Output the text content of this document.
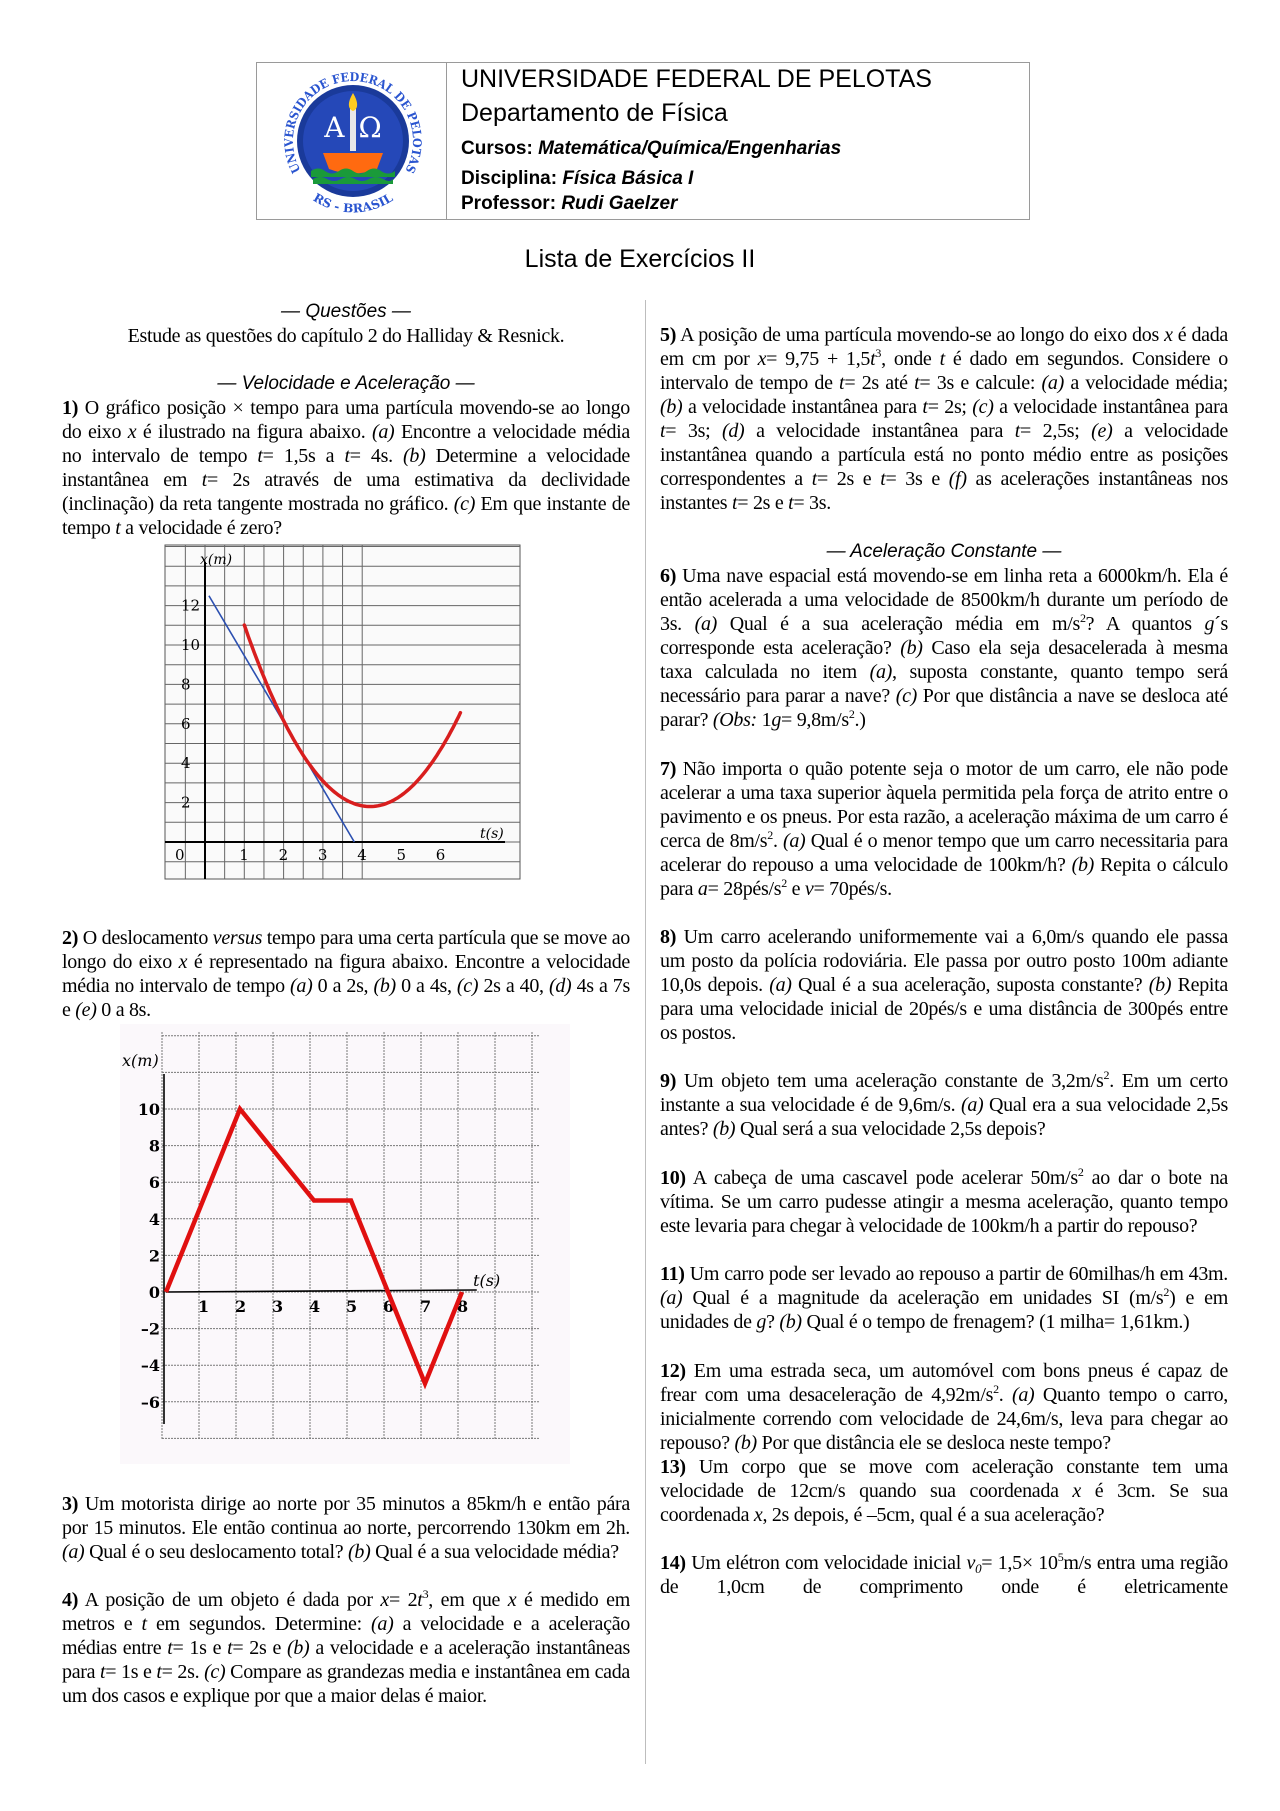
UNIVERSIDADE FEDERAL DE PELOTAS
RS - BRASIL
AΩ
UNIVERSIDADE FEDERAL DE PELOTAS
Departamento de Física
Cursos: Matemática/Química/Engenharias
Disciplina: Física Básica I
Professor: Rudi Gaelzer
Lista de Exercícios II
— Questões —
Estude as questões do capítulo 2 do Halliday & Resnick.
— Velocidade e Aceleração —
1) O gráfico posição × tempo para uma partícula movendo-se ao longo do eixo x é ilustrado na figura abaixo. (a) Encontre a velocidade média no intervalo de tempo t= 1,5s a t= 4s. (b) Determine a velocidade instantânea em t= 2s através de uma estimativa da declividade (inclinação) da reta tangente mostrada no gráfico. (c) Em que instante de tempo t a velocidade é zero?
1 2 3 4 5 6
2
4
6
8
10
12
0
x(m)
t(s)
2) O deslocamento versus tempo para uma certa partícula que se move ao longo do eixo x é representado na figura abaixo. Encontre a velocidade média no intervalo de tempo (a) 0 a 2s, (b) 0 a 4s, (c) 2s a 40, (d) 4s a 7s e (e) 0 a 8s.
1 2 3 4 5 6 7 8
10
8
6
4
2
0
–2
–4
–6
x(m)
t(s)
3) Um motorista dirige ao norte por 35 minutos a 85km/h e então pára por 15 minutos. Ele então continua ao norte, percorrendo 130km em 2h. (a) Qual é o seu deslocamento total? (b) Qual é a sua velocidade média?
4) A posição de um objeto é dada por $x= 2t^3$, em que x é medido em metros e t em segundos. Determine: (a) a velocidade e a aceleração médias entre t= 1s e t= 2s e (b) a velocidade e a aceleração instantâneas para t= 1s e t= 2s. (c) Compare as grandezas media e instantânea em cada um dos casos e explique por que a maior delas é maior.
5) A posição de uma partícula movendo-se ao longo do eixo dos x é dada em cm por $x= 9,75 + 1,5t^3$, onde t é dado em segundos. Considere o intervalo de tempo de t= 2s até t= 3s e calcule: (a) a velocidade média; (b) a velocidade instantânea para t= 2s; (c) a velocidade instantânea para t= 3s; (d) a velocidade instantânea para t= 2,5s; (e) a velocidade instantânea quando a partícula está no ponto médio entre as posições correspondentes a t= 2s e t= 3s e (f) as acelerações instantâneas nos instantes t= 2s e t= 3s.
— Aceleração Constante —
6) Uma nave espacial está movendo-se em linha reta a 6000km/h. Ela é então acelerada a uma velocidade de 8500km/h durante um período de 3s. (a) Qual é a sua aceleração média em $m/s^2$? A quantos g´s corresponde esta aceleração? (b) Caso ela seja desacelerada à mesma taxa calculada no item (a), suposta constante, quanto tempo será necessário para parar a nave? (c) Por que distância a nave se desloca até parar? (Obs: $1g= 9,8m/s^2$.)
7) Não importa o quão potente seja o motor de um carro, ele não pode acelerar a uma taxa superior àquela permitida pela força de atrito entre o pavimento e os pneus. Por esta razão, a aceleração máxima de um carro é cerca de $8m/s^2$. (a) Qual é o menor tempo que um carro necessitaria para acelerar do repouso a uma velocidade de 100km/h? (b) Repita o cálculo para $a= 28pés/s^2$ e v= 70pés/s.
8) Um carro acelerando uniformemente vai a 6,0m/s quando ele passa um posto da polícia rodoviária. Ele passa por outro posto 100m adiante 10,0s depois. (a) Qual é a sua aceleração, suposta constante? (b) Repita para uma velocidade inicial de 20pés/s e uma distância de 300pés entre os postos.
9) Um objeto tem uma aceleração constante de $3,2m/s^2$. Em um certo instante a sua velocidade é de 9,6m/s. (a) Qual era a sua velocidade 2,5s antes? (b) Qual será a sua velocidade 2,5s depois?
10) A cabeça de uma cascavel pode acelerar $50m/s^2$ ao dar o bote na vítima. Se um carro pudesse atingir a mesma aceleração, quanto tempo este levaria para chegar à velocidade de 100km/h a partir do repouso?
11) Um carro pode ser levado ao repouso a partir de 60milhas/h em 43m. (a) Qual é a magnitude da aceleração em unidades SI $(m/s^2)$ e em unidades de g? (b) Qual é o tempo de frenagem? (1 milha= 1,61km.)
12) Em uma estrada seca, um automóvel com bons pneus é capaz de frear com uma desaceleração de $4,92m/s^2$. (a) Quanto tempo o carro, inicialmente correndo com velocidade de 24,6m/s, leva para chegar ao repouso? (b) Por que distância ele se desloca neste tempo?
13) Um corpo que se move com aceleração constante tem uma velocidade de 12cm/s quando sua coordenada x é 3cm. Se sua coordenada x, 2s depois, é –5cm, qual é a sua aceleração?
14) Um elétron com velocidade inicial $v_0= 1,5\times 10^5m/s$ entra uma região de 1,0cm de comprimento onde é eletricamente
